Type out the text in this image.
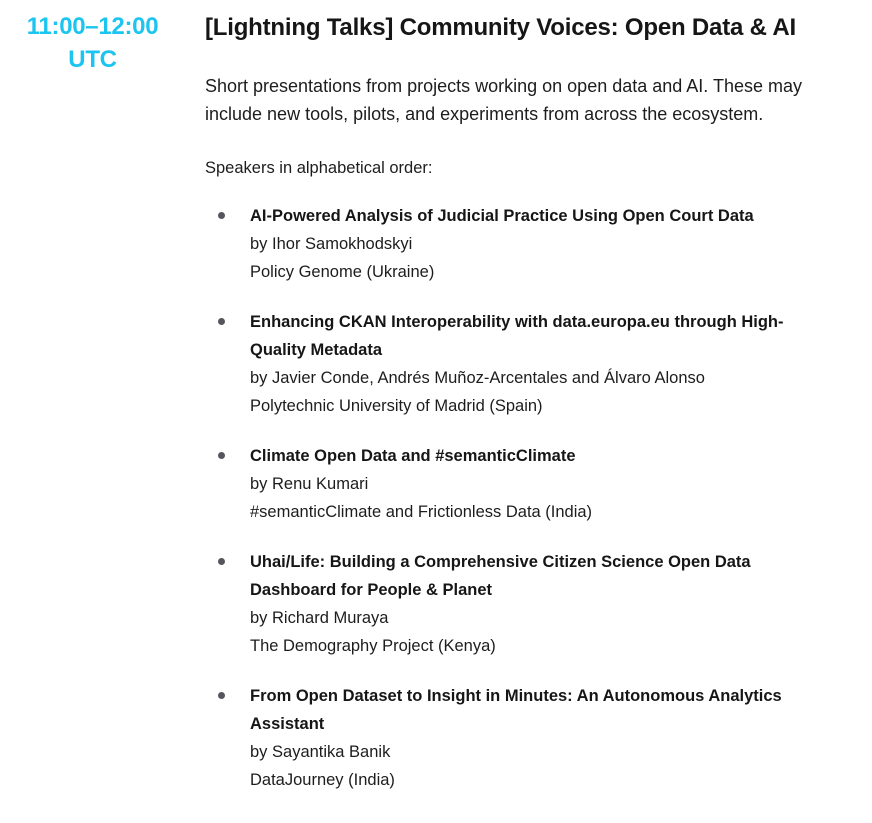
11:00–12:00
UTC
[Lightning Talks] Community Voices: Open Data & AI

Short presentations from projects working on open data and AI. These may include new tools, pilots, and experiments from across the ecosystem.

Speakers in alphabetical order:

AI-Powered Analysis of Judicial Practice Using Open Court Data
by Ihor Samokhodskyi
Policy Genome (Ukraine)
Enhancing CKAN Interoperability with data.europa.eu through High-Quality Metadata
by Javier Conde, Andrés Muñoz-Arcentales and Álvaro Alonso
Polytechnic University of Madrid (Spain)
Climate Open Data and #semanticClimate
by Renu Kumari
#semanticClimate and Frictionless Data (India)
Uhai/Life: Building a Comprehensive Citizen Science Open Data Dashboard for People & Planet
by Richard Muraya
The Demography Project (Kenya)
From Open Dataset to Insight in Minutes: An Autonomous Analytics Assistant
by Sayantika Banik
DataJourney (India)
